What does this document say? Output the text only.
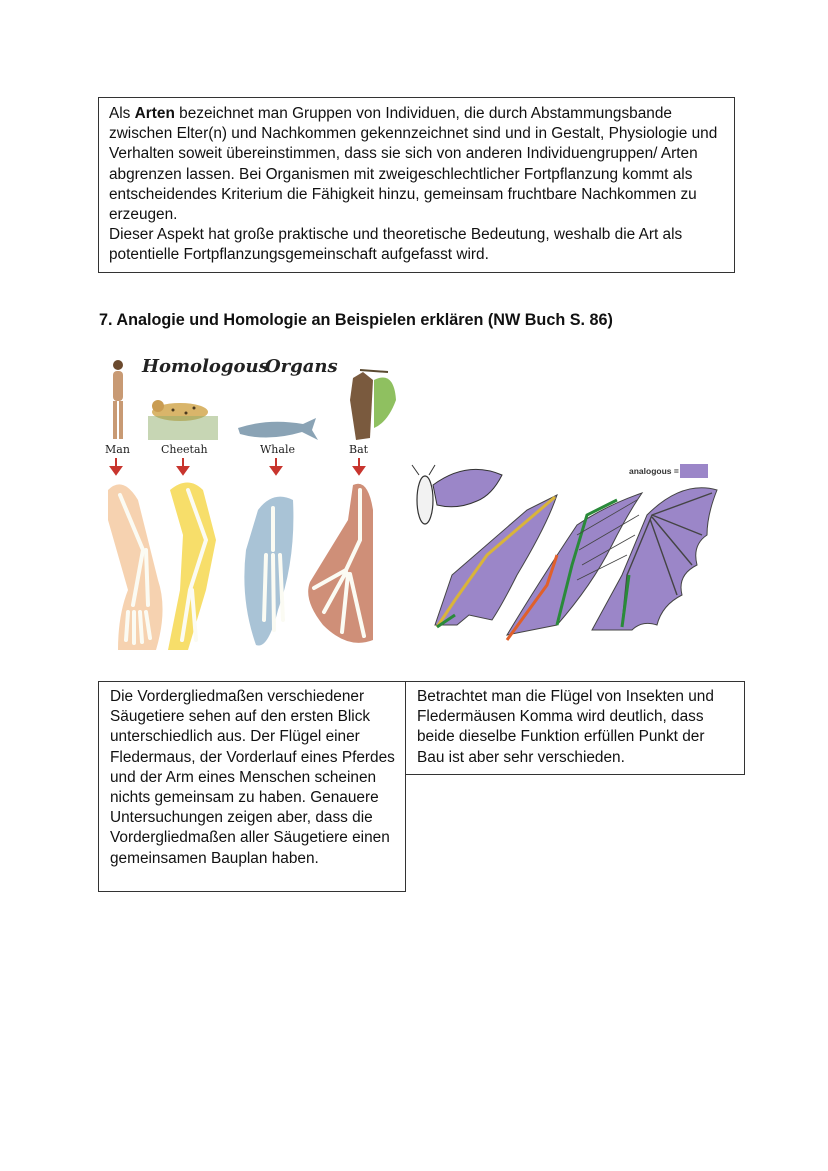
Als Arten bezeichnet man Gruppen von Individuen, die durch Abstammungsbande zwischen Elter(n) und Nachkommen gekennzeichnet sind und in Gestalt, Physiologie und Verhalten soweit übereinstimmen, dass sie sich von anderen Individuengruppen/ Arten abgrenzen lassen. Bei Organismen mit zweigeschlechtlicher Fortpflanzung kommt als entscheidendes Kriterium die Fähigkeit hinzu, gemeinsam fruchtbare Nachkommen zu erzeugen.
Dieser Aspekt hat große praktische und theoretische Bedeutung, weshalb die Art als potentielle Fortpflanzungsgemeinschaft aufgefasst wird.
7. Analogie und Homologie an Beispielen erklären (NW Buch S. 86)
Homologous
Organs
Man	Cheetah	Whale	Bat
analogous =
Die Vordergliedmaßen verschiedener Säugetiere sehen auf den ersten Blick unterschiedlich aus. Der Flügel einer Fledermaus, der Vorderlauf eines Pferdes und der Arm eines Menschen scheinen nichts gemeinsam zu haben. Genauere Untersuchungen zeigen aber, dass die Vordergliedmaßen aller Säugetiere einen gemeinsamen Bauplan haben.
Betrachtet man die Flügel von Insekten und Fledermäusen Komma wird deutlich, dass beide dieselbe Funktion erfüllen Punkt der Bau ist aber sehr verschieden.
